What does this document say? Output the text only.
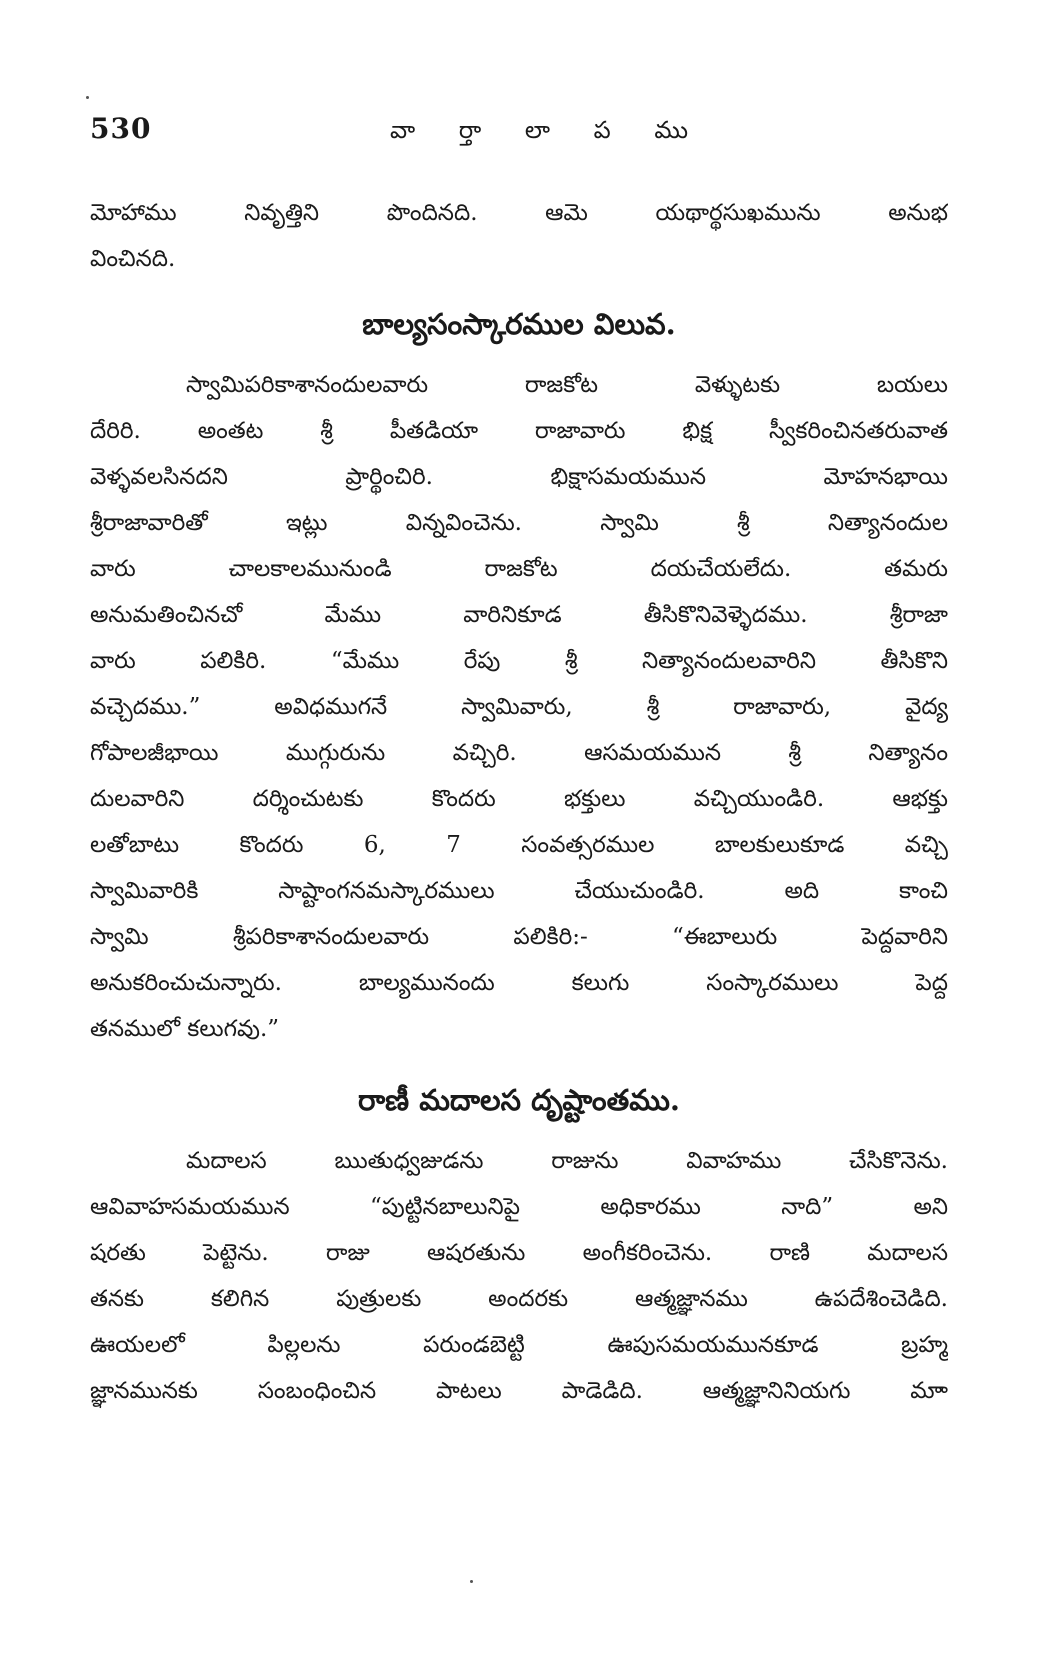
530	వా ర్తా లా ప ము
మోహాము నివృత్తిని పొందినది. ఆమె యథార్థసుఖమును అనుభ
వించినది.
బాల్యసంస్కారముల విలువ.
స్వామిపరికాశానందులవారు రాజకోట వెళ్ళుటకు బయలు
దేరిరి. అంతట శ్రీ పీతడియా రాజావారు భిక్ష స్వీకరించినతరువాత
వెళ్ళవలసినదని ప్రార్థించిరి. భిక్షాసమయమున మోహనభాయి
శ్రీరాజావారితో ఇట్లు విన్నవించెను. స్వామి శ్రీ నిత్యానందుల
వారు చాలకాలమునుండి రాజకోట దయచేయలేదు. తమరు
అనుమతించినచో మేము వారినికూడ తీసికొనివెళ్ళెదము. శ్రీరాజా
వారు పలికిరి. “మేము రేపు శ్రీ నిత్యానందులవారిని తీసికొని
వచ్చెదము.” అవిధముగనే స్వామివారు, శ్రీ రాజావారు, వైద్య
గోపాలజీభాయి ముగ్గురును వచ్చిరి. ఆసమయమున శ్రీ నిత్యానం
దులవారిని దర్శించుటకు కొందరు భక్తులు వచ్చియుండిరి. ఆభక్తు
లతోబాటు కొందరు 6, 7 సంవత్సరముల బాలకులుకూడ వచ్చి
స్వామివారికి సాష్టాంగనమస్కారములు చేయుచుండిరి. అది కాంచి
స్వామి శ్రీపరికాశానందులవారు పలికిరి:- “ఈబాలురు పెద్దవారిని
అనుకరించుచున్నారు. బాల్యమునందు కలుగు సంస్కారములు పెద్ద
తనములో కలుగవు.”
రాణీ మదాలస దృష్టాంతము.
మదాలస ఋతుధ్వజుడను రాజును వివాహము చేసికొనెను.
ఆవివాహసమయమున “పుట్టినబాలునిపై అధికారము నాది” అని
షరతు పెట్టెను. రాజు ఆషరతును అంగీకరించెను. రాణి మదాలస
తనకు కలిగిన పుత్రులకు అందరకు ఆత్మజ్ఞానము ఉపదేశించెడిది.
ఊయలలో పిల్లలను పరుండబెట్టి ఊపుసమయమునకూడ బ్రహ్మ
జ్ఞానమునకు సంబంధించిన పాటలు పాడెడిది. ఆత్మజ్ఞానినియగు మాా
